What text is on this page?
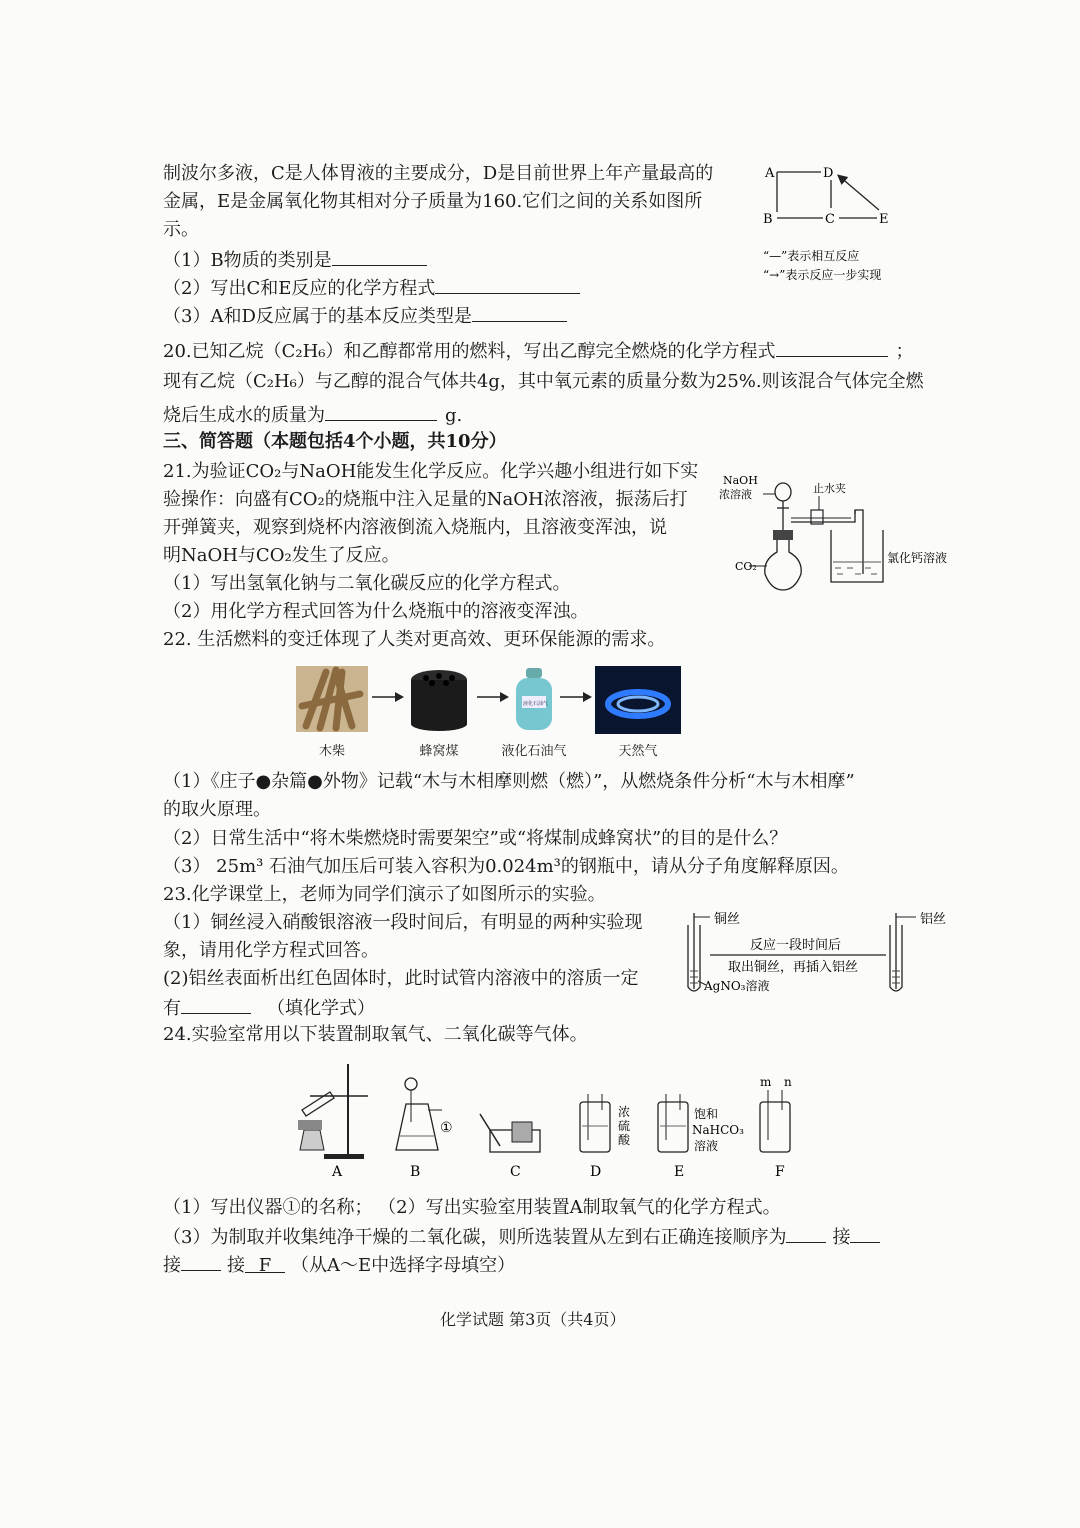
制波尔多液，C是人体胃液的主要成分，D是目前世界上年产量最高的
金属，E是金属氧化物其相对分子质量为160.它们之间的关系如图所
示。
（1）B物质的类别是
（2）写出C和E反应的化学方程式
（3）A和D反应属于的基本反应类型是
A	D
B	C	E
“—”表示相互反应
“→”表示反应一步实现
20.已知乙烷（C₂H₆）和乙醇都常用的燃料，写出乙醇完全燃烧的化学方程式	；
现有乙烷（C₂H₆）与乙醇的混合气体共4g，其中氧元素的质量分数为25%.则该混合气体完全燃
烧后生成水的质量为	g.
三、简答题（本题包括4个小题，共10分）
21.为验证CO₂与NaOH能发生化学反应。化学兴趣小组进行如下实
验操作：向盛有CO₂的烧瓶中注入足量的NaOH浓溶液，振荡后打
开弹簧夹，观察到烧杯内溶液倒流入烧瓶内，且溶液变浑浊，说
明NaOH与CO₂发生了反应。
（1）写出氢氧化钠与二氧化碳反应的化学方程式。
（2）用化学方程式回答为什么烧瓶中的溶液变浑浊。
NaOH
浓溶液
CO₂
止水夹
氯化钙溶液
22. 生活燃料的变迁体现了人类对更高效、更环保能源的需求。
液化石油气
木柴	蜂窝煤	液化石油气	天然气
（1）《庄子●杂篇●外物》记载“木与木相摩则燃（燃）”，从燃烧条件分析“木与木相摩”
的取火原理。
（2）日常生活中“将木柴燃烧时需要架空”或“将煤制成蜂窝状”的目的是什么？
（3） 25m³ 石油气加压后可装入容积为0.024m³的钢瓶中，请从分子角度解释原因。
23.化学课堂上，老师为同学们演示了如图所示的实验。
（1）铜丝浸入硝酸银溶液一段时间后，有明显的两种实验现
象，请用化学方程式回答。
(2)铝丝表面析出红色固体时，此时试管内溶液中的溶质一定
有	（填化学式）
铜丝
AgNO₃溶液
反应一段时间后
取出铜丝，再插入铝丝
铝丝
24.实验室常用以下装置制取氧气、二氧化碳等气体。
A
①
B	C
浓
硫
酸
D
饱和
NaHCO₃
溶液
E
m n
F
（1）写出仪器①的名称； （2）写出实验室用装置A制取氧气的化学方程式。
（3）为制取并收集纯净干燥的二氧化碳，则所选装置从左到右正确连接顺序为	接
接	接 F （从A～E中选择字母填空）
化学试题 第3页（共4页）
